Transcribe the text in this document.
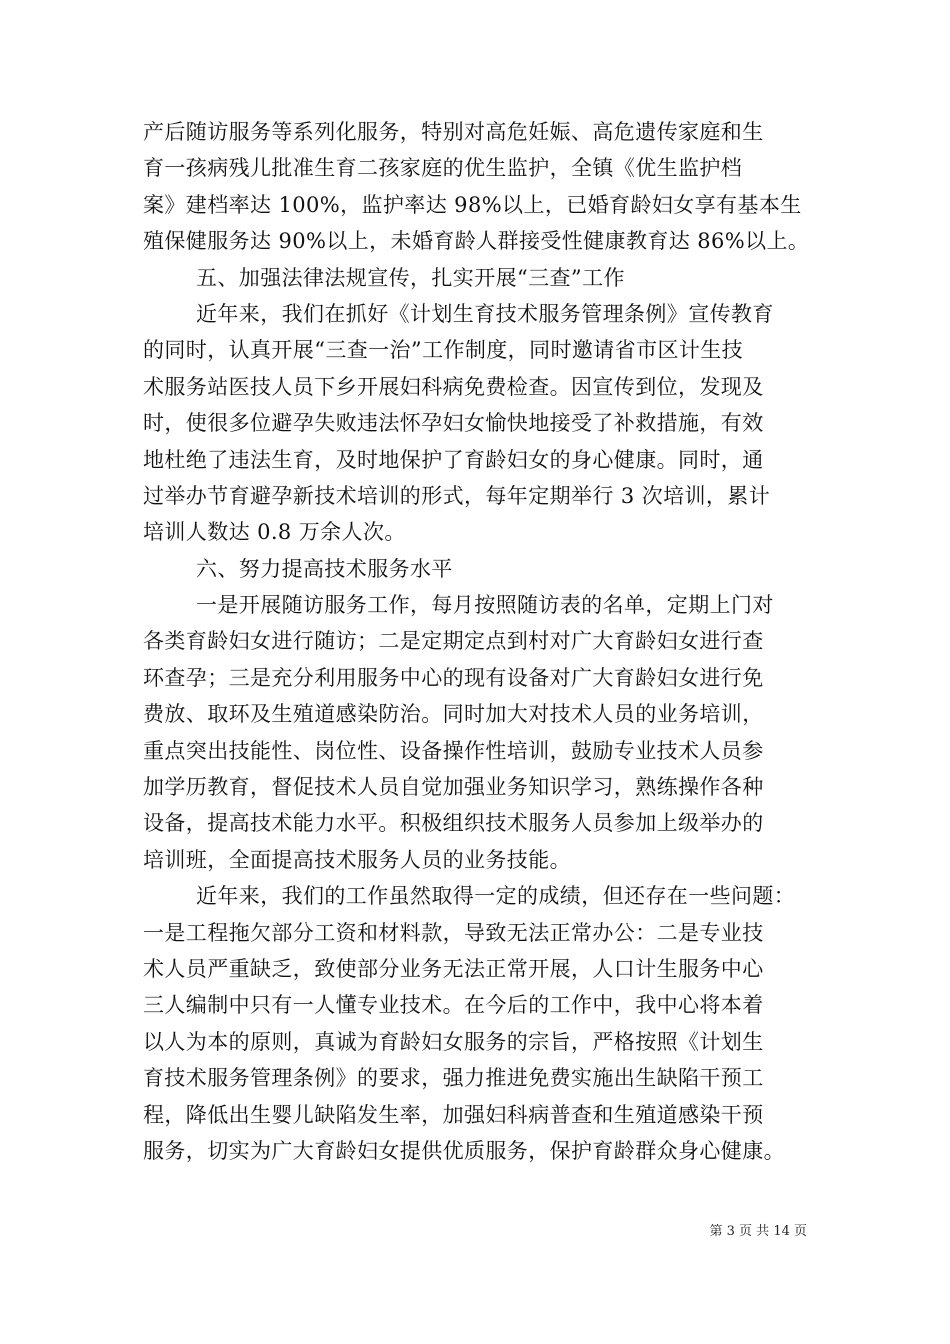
产后随访服务等系列化服务，特别对高危妊娠、高危遗传家庭和生
育一孩病残儿批准生育二孩家庭的优生监护，全镇《优生监护档
案》建档率达 100%，监护率达 98%以上，已婚育龄妇女享有基本生
殖保健服务达 90%以上，未婚育龄人群接受性健康教育达 86%以上。
五、加强法律法规宣传，扎实开展“三查”工作
近年来，我们在抓好《计划生育技术服务管理条例》宣传教育
的同时，认真开展“三查一治”工作制度，同时邀请省市区计生技
术服务站医技人员下乡开展妇科病免费检查。因宣传到位，发现及
时，使很多位避孕失败违法怀孕妇女愉快地接受了补救措施，有效
地杜绝了违法生育，及时地保护了育龄妇女的身心健康。同时，通
过举办节育避孕新技术培训的形式，每年定期举行 3 次培训，累计
培训人数达 0.8 万余人次。
六、努力提高技术服务水平
一是开展随访服务工作，每月按照随访表的名单，定期上门对
各类育龄妇女进行随访；二是定期定点到村对广大育龄妇女进行查
环查孕；三是充分利用服务中心的现有设备对广大育龄妇女进行免
费放、取环及生殖道感染防治。同时加大对技术人员的业务培训，
重点突出技能性、岗位性、设备操作性培训，鼓励专业技术人员参
加学历教育，督促技术人员自觉加强业务知识学习，熟练操作各种
设备，提高技术能力水平。积极组织技术服务人员参加上级举办的
培训班，全面提高技术服务人员的业务技能。
近年来，我们的工作虽然取得一定的成绩，但还存在一些问题：
一是工程拖欠部分工资和材料款，导致无法正常办公：二是专业技
术人员严重缺乏，致使部分业务无法正常开展，人口计生服务中心
三人编制中只有一人懂专业技术。在今后的工作中，我中心将本着
以人为本的原则，真诚为育龄妇女服务的宗旨，严格按照《计划生
育技术服务管理条例》的要求，强力推进免费实施出生缺陷干预工
程，降低出生婴儿缺陷发生率，加强妇科病普查和生殖道感染干预
服务，切实为广大育龄妇女提供优质服务，保护育龄群众身心健康。
第 3 页 共 14 页
